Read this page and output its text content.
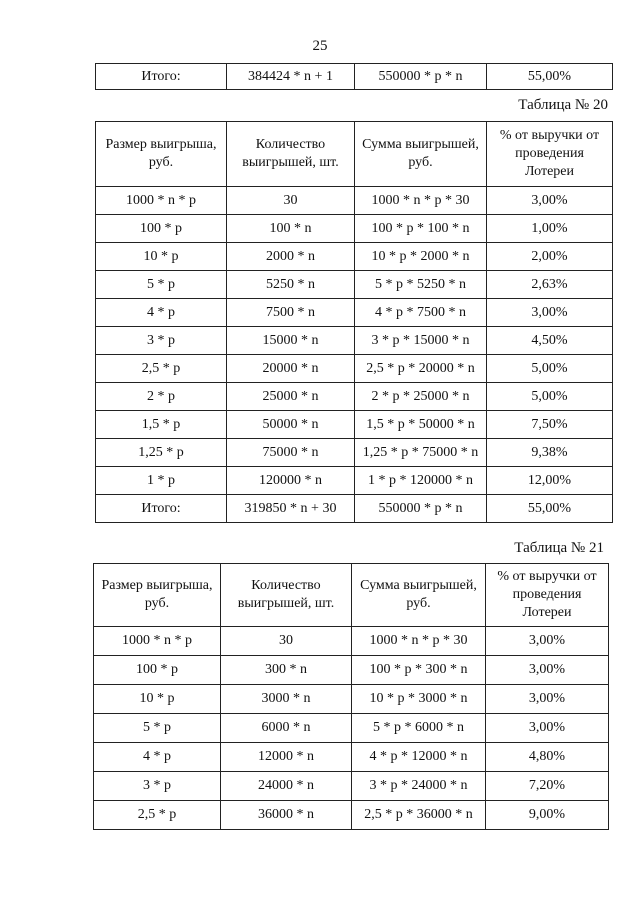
25
Итого:	384424 * n + 1	550000 * p * n	55,00%
Таблица № 20
Размер выигрыша, руб.	Количество выигрышей, шт.	Сумма выигрышей, руб.	% от выручки от проведения Лотереи
1000 * n * p	30	1000 * n * p * 30	3,00%
100 * p	100 * n	100 * p * 100 * n	1,00%
10 * p	2000 * n	10 * p * 2000 * n	2,00%
5 * p	5250 * n	5 * p * 5250 * n	2,63%
4 * p	7500 * n	4 * p * 7500 * n	3,00%
3 * p	15000 * n	3 * p * 15000 * n	4,50%
2,5 * p	20000 * n	2,5 * p * 20000 * n	5,00%
2 * p	25000 * n	2 * p * 25000 * n	5,00%
1,5 * p	50000 * n	1,5 * p * 50000 * n	7,50%
1,25 * p	75000 * n	1,25 * p * 75000 * n	9,38%
1 * p	120000 * n	1 * p * 120000 * n	12,00%
Итого:	319850 * n + 30	550000 * p * n	55,00%
Таблица № 21
Размер выигрыша, руб.	Количество выигрышей, шт.	Сумма выигрышей, руб.	% от выручки от проведения Лотереи
1000 * n * p	30	1000 * n * p * 30	3,00%
100 * p	300 * n	100 * p * 300 * n	3,00%
10 * p	3000 * n	10 * p * 3000 * n	3,00%
5 * p	6000 * n	5 * p * 6000 * n	3,00%
4 * p	12000 * n	4 * p * 12000 * n	4,80%
3 * p	24000 * n	3 * p * 24000 * n	7,20%
2,5 * p	36000 * n	2,5 * p * 36000 * n	9,00%
